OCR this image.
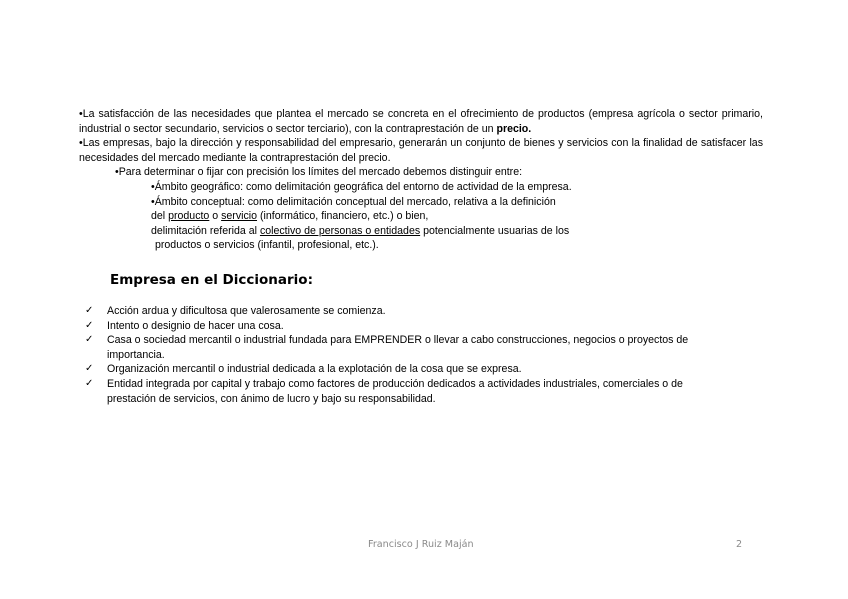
•La satisfacción de las necesidades que plantea el mercado se concreta en el ofrecimiento de productos (empresa agrícola o sector primario, industrial o sector secundario, servicios o sector terciario), con la contraprestación de un precio.

•Las empresas, bajo la dirección y responsabilidad del empresario, generarán un conjunto de bienes y servicios con la finalidad de satisfacer las necesidades del mercado mediante la contraprestación del precio.

•Para determinar o fijar con precisión los límites del mercado debemos distinguir entre:

•Ámbito geográfico: como delimitación geográfica del entorno de actividad de la empresa.

•Ámbito conceptual: como delimitación conceptual del mercado, relativa a la definición

del producto o servicio (informático, financiero, etc.) o bien,

delimitación referida al colectivo de personas o entidades potencialmente usuarias de los

productos o servicios (infantil, profesional, etc.).

Empresa en el Diccionario:
✓ Acción ardua y dificultosa que valerosamente se comienza.
✓ Intento o designio de hacer una cosa.
✓ Casa o sociedad mercantil o industrial fundada para EMPRENDER o llevar a cabo construcciones, negocios o proyectos de importancia.
✓ Organización mercantil o industrial dedicada a la explotación de la cosa que se expresa.
✓ Entidad integrada por capital y trabajo como factores de producción dedicados a actividades industriales, comerciales o de prestación de servicios, con ánimo de lucro y bajo su responsabilidad.
Francisco J Ruiz Maján	2
